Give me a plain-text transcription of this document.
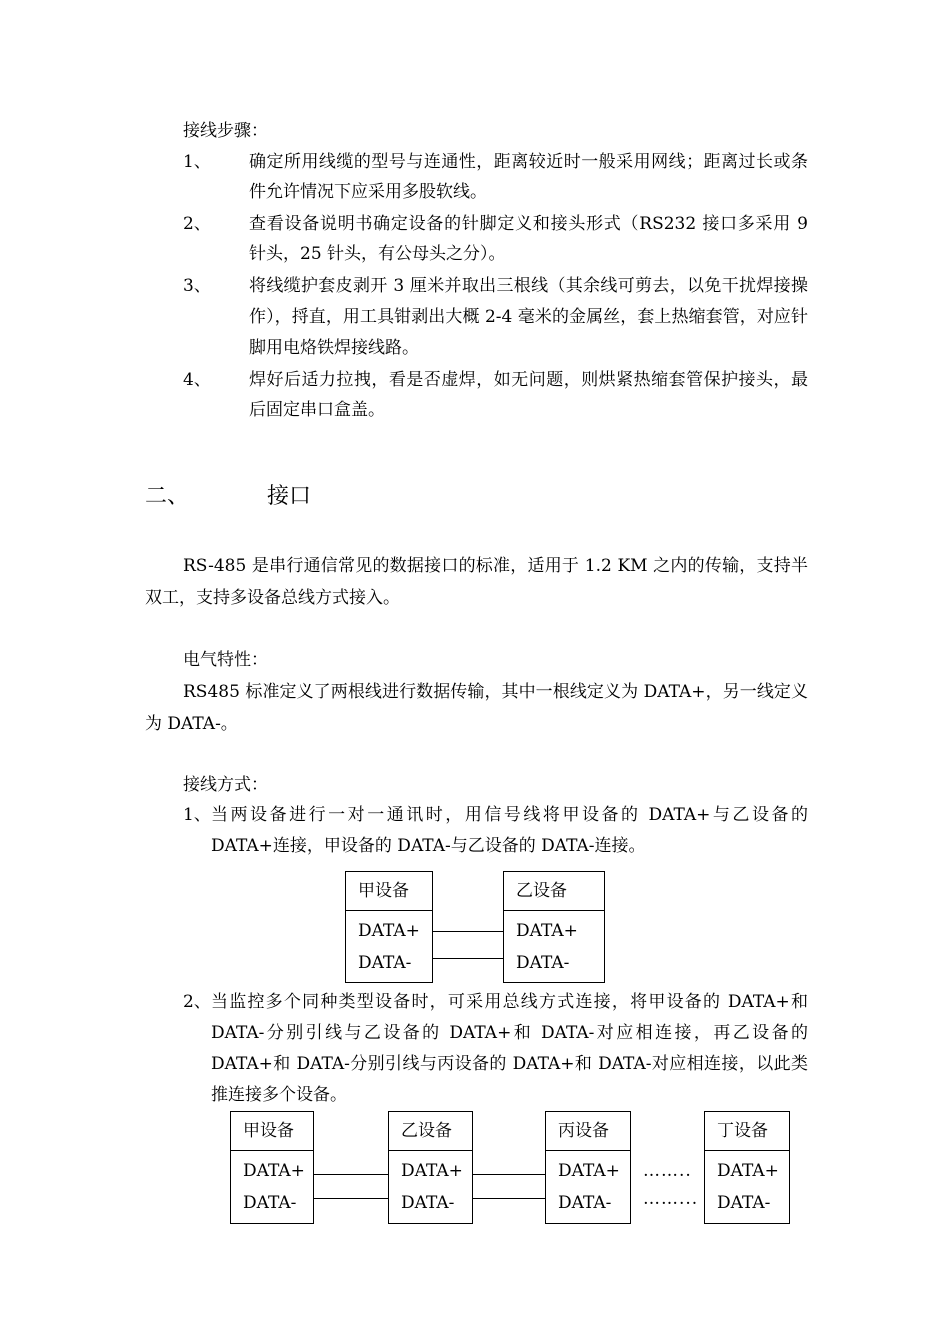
接线步骤：
1、 确定所用线缆的型号与连通性，距离较近时一般采用网线；距离过长或条件允许情况下应采用多股软线。
2、 查看设备说明书确定设备的针脚定义和接头形式（RS232 接口多采用 9 针头，25 针头，有公母头之分）。
3、 将线缆护套皮剥开 3 厘米并取出三根线（其余线可剪去，以免干扰焊接操作），捋直，用工具钳剥出大概 2-4 毫米的金属丝，套上热缩套管，对应针脚用电烙铁焊接线路。
4、 焊好后适力拉拽，看是否虚焊，如无问题，则烘紧热缩套管保护接头，最后固定串口盒盖。
二、	接口
RS-485 是串行通信常见的数据接口的标准，适用于 1.2 KM 之内的传输，支持半双工，支持多设备总线方式接入。
电气特性：
RS485 标准定义了两根线进行数据传输，其中一根线定义为 DATA+，另一线定义为 DATA-。
接线方式：
1、 当两设备进行一对一通讯时，用信号线将甲设备的 DATA+与乙设备的 DATA+连接，甲设备的 DATA-与乙设备的 DATA-连接。
甲设备
DATA+
DATA-
乙设备
DATA+
DATA-
2、 当监控多个同种类型设备时，可采用总线方式连接，将甲设备的 DATA+和 DATA-分别引线与乙设备的 DATA+和 DATA-对应相连接，再乙设备的 DATA+和 DATA-分别引线与丙设备的 DATA+和 DATA-对应相连接，以此类推连接多个设备。
甲设备
DATA+
DATA-
乙设备
DATA+
DATA-
丙设备
DATA+
DATA-
……..
……...
丁设备
DATA+
DATA-
